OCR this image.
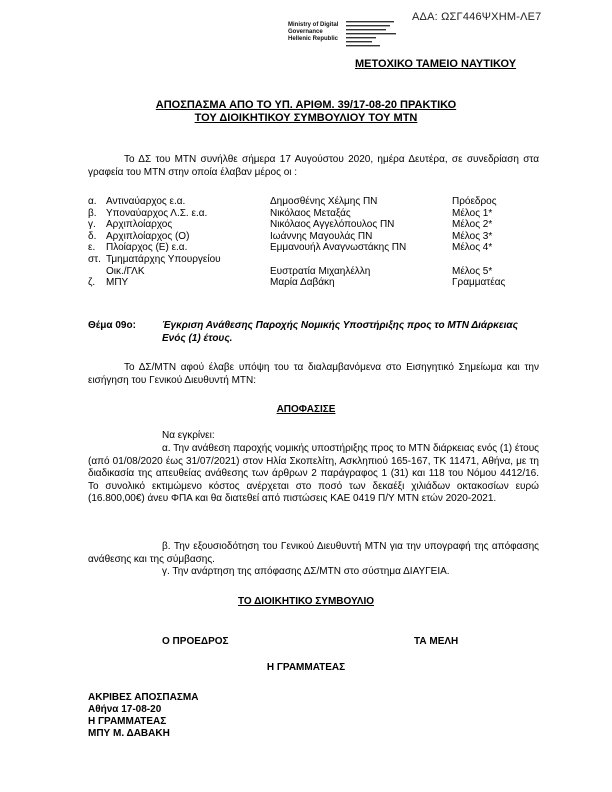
ΑΔΑ: ΩΣΓ446ΨΧΗΜ-ΛΕ7
Ministry of Digital
Governance
Hellenic Republic
ΜΕΤΟΧΙΚΟ ΤΑΜΕΙΟ ΝΑΥΤΙΚΟΥ
ΑΠΟΣΠΑΣΜΑ ΑΠΟ ΤΟ ΥΠ. ΑΡΙΘΜ. 39/17-08-20 ΠΡΑΚΤΙΚΟ
ΤΟΥ ΔΙΟΙΚΗΤΙΚΟΥ ΣΥΜΒΟΥΛΙΟΥ ΤΟΥ ΜΤΝ
Το ΔΣ του ΜΤΝ συνήλθε σήμερα 17 Αυγούστου 2020, ημέρα Δευτέρα, σε συνεδρίαση στα γραφεία του ΜΤΝ στην οποία έλαβαν μέρος οι :
α. Αντιναύαρχος ε.α.	Δημοσθένης Χέλμης ΠΝ	Πρόεδρος
β. Υποναύαρχος Λ.Σ. ε.α.	Νικόλαος Μεταξάς	Μέλος 1*
γ.	Αρχιπλοίαρχος	Νικόλαος Αγγελόπουλος ΠΝ	Μέλος 2*
δ. Αρχιπλοίαρχος (Ο)	Ιωάννης Μαγουλάς ΠΝ	Μέλος 3*
ε.	Πλοίαρχος (Ε) ε.α.	Εμμανουήλ Αναγνωστάκης ΠΝ	Μέλος 4*
στ. Τμηματάρχης Υπουργείου
Οικ./ΓΛΚ	Ευστρατία Μιχαηλέλλη	Μέλος 5*
ζ.	ΜΠΥ	Μαρία Δαβάκη	Γραμματέας
Θέμα 09ο:	Έγκριση Ανάθεσης Παροχής Νομικής Υποστήριξης προς το ΜΤΝ Διάρκειας Ενός (1) έτους.
Το ΔΣ/ΜΤΝ αφού έλαβε υπόψη του τα διαλαμβανόμενα στο Εισηγητικό Σημείωμα και την εισήγηση του Γενικού Διευθυντή ΜΤΝ:
ΑΠΟΦΑΣΙΣΕ
Να εγκρίνει:
α. Την ανάθεση παροχής νομικής υποστήριξης προς το ΜΤΝ διάρκειας ενός (1) έτους (από 01/08/2020 έως 31/07/2021) στον Ηλία Σκοπελίτη, Ασκληπιού 165-167, ΤΚ 11471, Αθήνα, με τη διαδικασία της απευθείας ανάθεσης των άρθρων 2 παράγραφος 1 (31) και 118 του Νόμου 4412/16. Το συνολικό εκτιμώμενο κόστος ανέρχεται στο ποσό των δεκαέξι χιλιάδων οκτακοσίων ευρώ (16.800,00€) άνευ ΦΠΑ και θα διατεθεί από πιστώσεις ΚΑΕ 0419 Π/Υ ΜΤΝ ετών 2020-2021.
β. Την εξουσιοδότηση του Γενικού Διευθυντή ΜΤΝ για την υπογραφή της απόφασης ανάθεσης και της σύμβασης.
γ. Την ανάρτηση της απόφασης ΔΣ/ΜΤΝ στο σύστημα ΔΙΑΥΓΕΙΑ.
ΤΟ ΔΙΟΙΚΗΤΙΚΟ ΣΥΜΒΟΥΛΙΟ
Ο ΠΡΟΕΔΡΟΣ	ΤΑ ΜΕΛΗ
Η ΓΡΑΜΜΑΤΕΑΣ
ΑΚΡΙΒΕΣ ΑΠΟΣΠΑΣΜΑ
Αθήνα 17-08-20
Η ΓΡΑΜΜΑΤΕΑΣ
ΜΠΥ Μ. ΔΑΒΑΚΗ
